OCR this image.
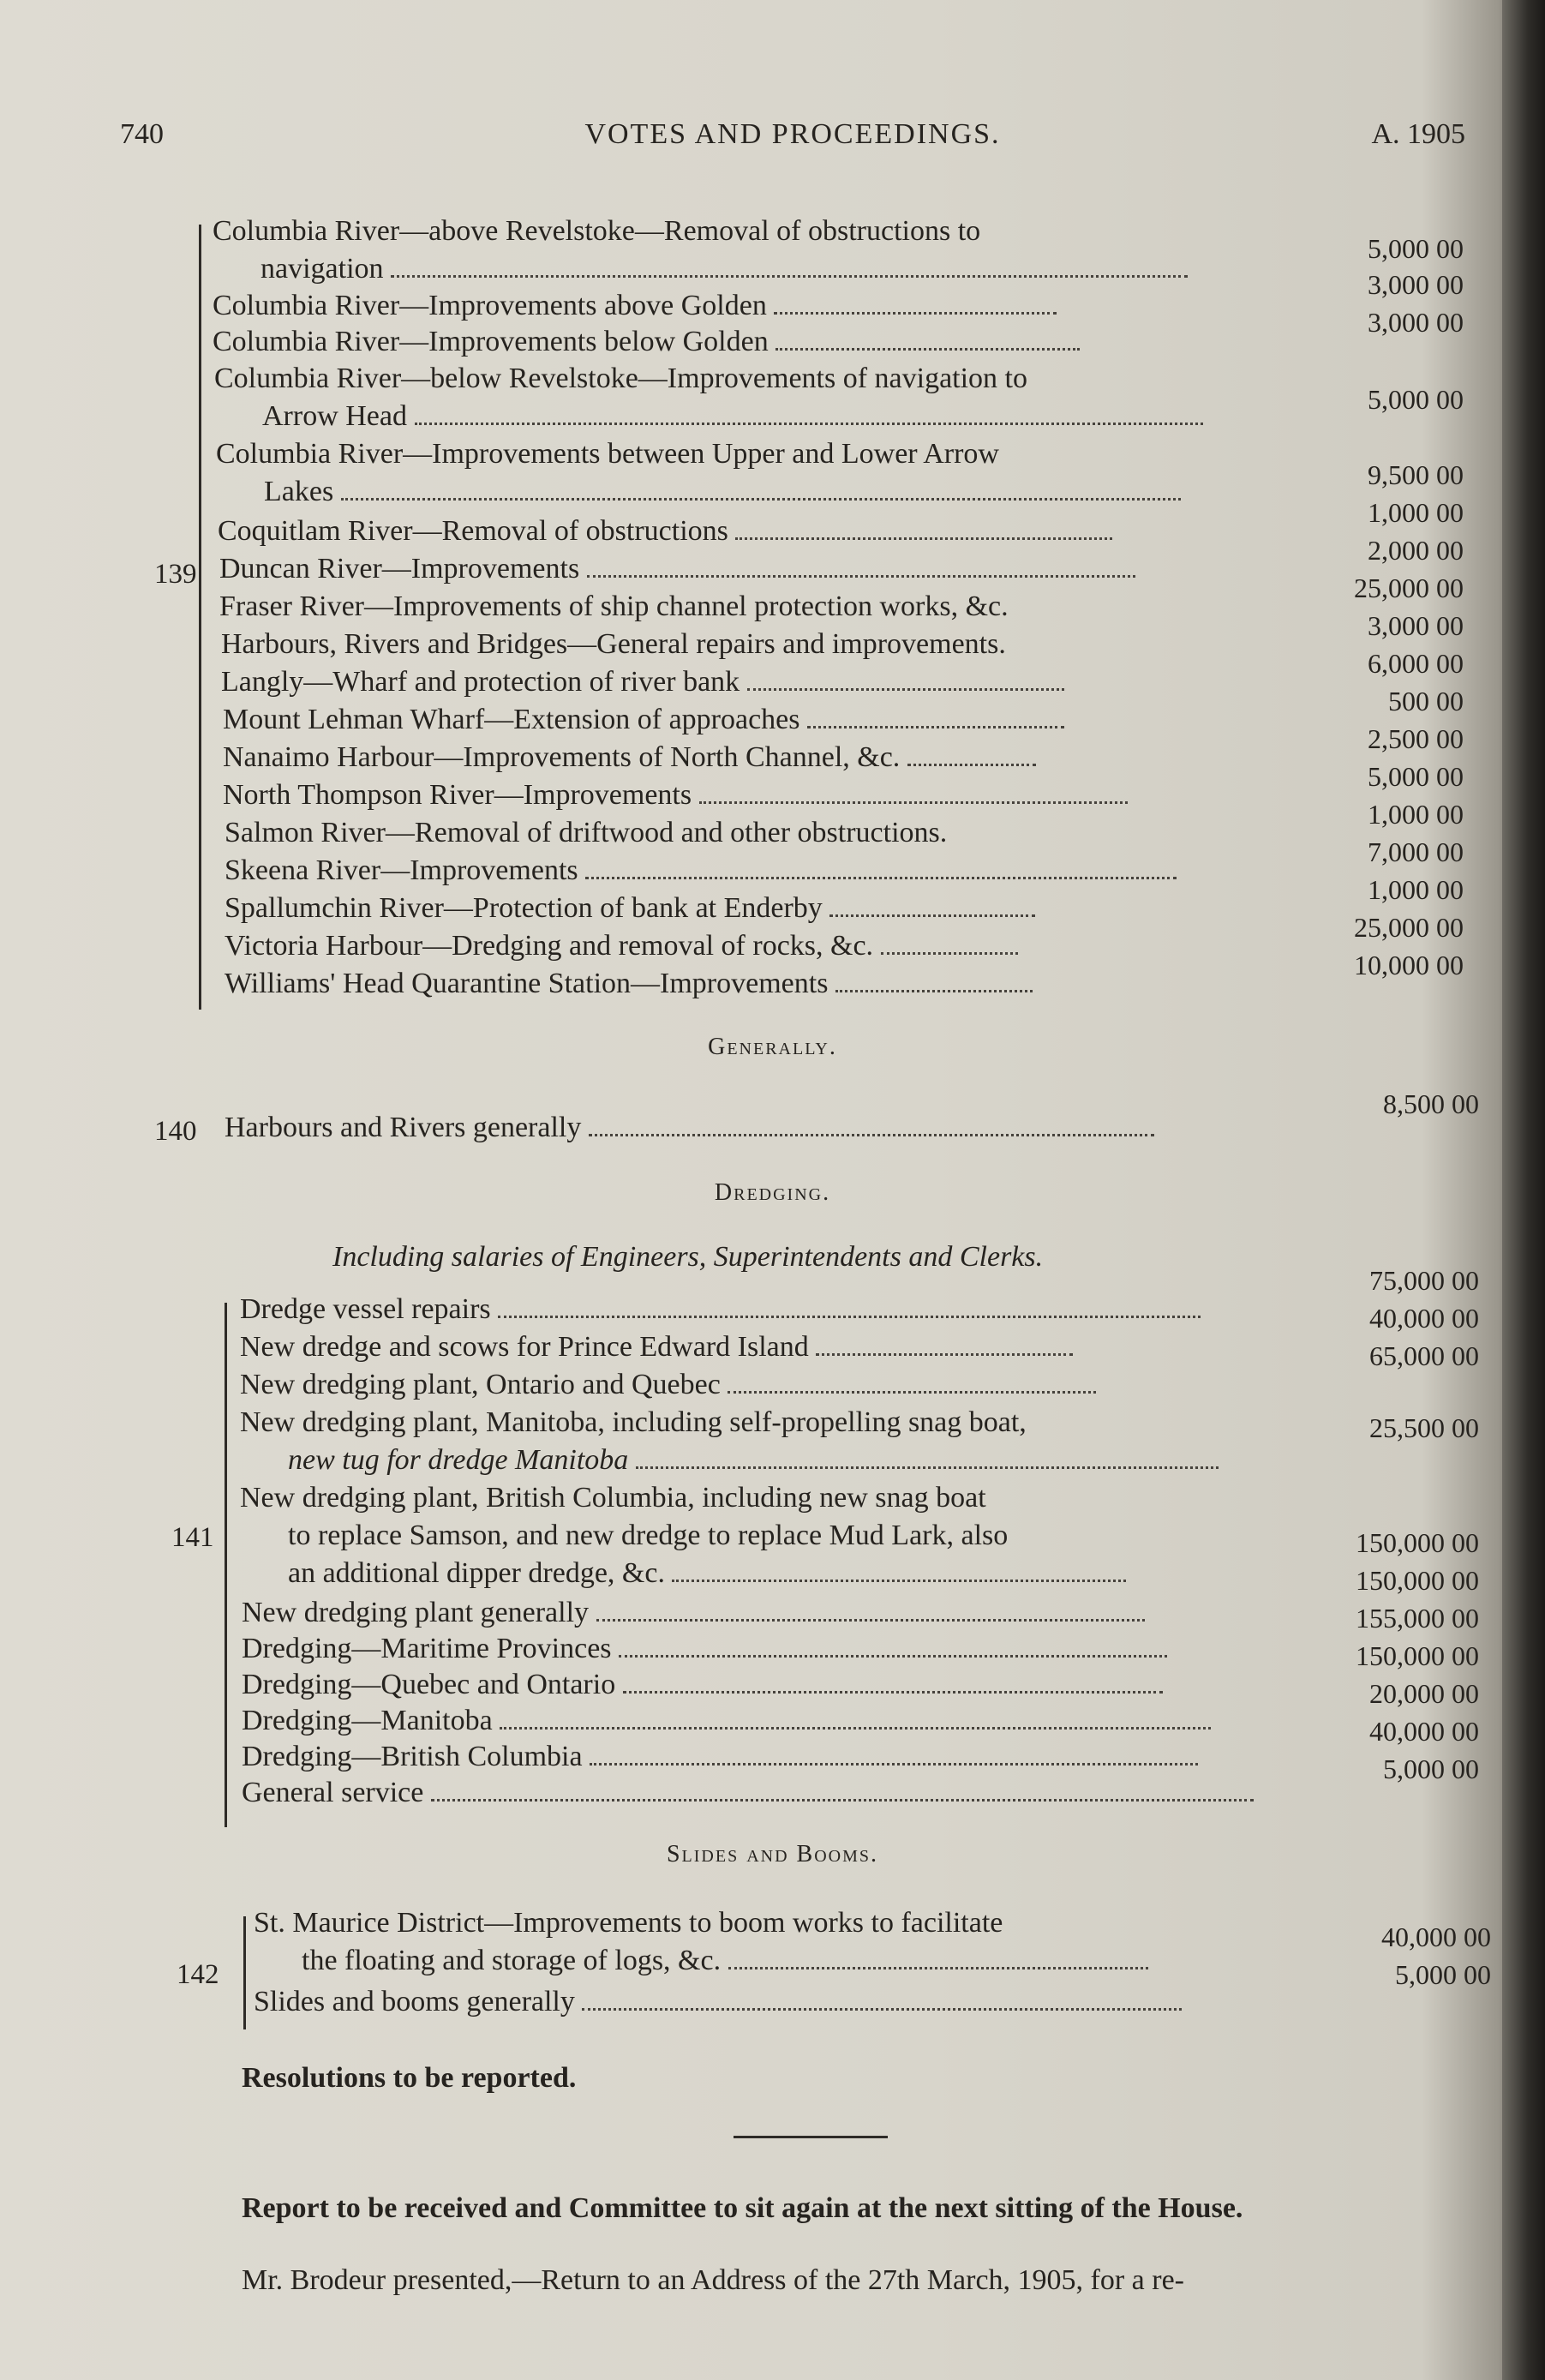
740	VOTES AND PROCEEDINGS.	A. 1905
139
Columbia River—above Revelstoke—Removal of obstructions to
navigation
5,000 00
Columbia River—Improvements above Golden
3,000 00
Columbia River—Improvements below Golden
3,000 00
Columbia River—below Revelstoke—Improvements of navigation to
Arrow Head
5,000 00
Columbia River—Improvements between Upper and Lower Arrow
Lakes
9,500 00
Coquitlam River—Removal of obstructions
1,000 00
Duncan River—Improvements
2,000 00
Fraser River—Improvements of ship channel protection works, &c.
25,000 00
Harbours, Rivers and Bridges—General repairs and improvements.
3,000 00
Langly—Wharf and protection of river bank
6,000 00
Mount Lehman Wharf—Extension of approaches
500 00
Nanaimo Harbour—Improvements of North Channel, &c.
2,500 00
North Thompson River—Improvements
5,000 00
Salmon River—Removal of driftwood and other obstructions.
1,000 00
Skeena River—Improvements
7,000 00
Spallumchin River—Protection of bank at Enderby
1,000 00
Victoria Harbour—Dredging and removal of rocks, &c.
25,000 00
Williams' Head Quarantine Station—Improvements
10,000 00
Generally.
140 Harbours and Rivers generally
8,500 00
Dredging.
Including salaries of Engineers, Superintendents and Clerks.
141
Dredge vessel repairs
75,000 00
New dredge and scows for Prince Edward Island
40,000 00
New dredging plant, Ontario and Quebec
65,000 00
New dredging plant, Manitoba, including self-propelling snag boat,
new tug for dredge Manitoba
25,500 00
New dredging plant, British Columbia, including new snag boat
to replace Samson, and new dredge to replace Mud Lark, also
an additional dipper dredge, &c.
150,000 00
New dredging plant generally
150,000 00
Dredging—Maritime Provinces
155,000 00
Dredging—Quebec and Ontario
150,000 00
Dredging—Manitoba
20,000 00
Dredging—British Columbia
40,000 00
General service
5,000 00
Slides and Booms.
142
St. Maurice District—Improvements to boom works to facilitate
the floating and storage of logs, &c.
40,000 00
Slides and booms generally
5,000 00
Resolutions to be reported.
Report to be received and Committee to sit again at the next sitting of the House.
Mr. Brodeur presented,—Return to an Address of the 27th March, 1905, for a re-
